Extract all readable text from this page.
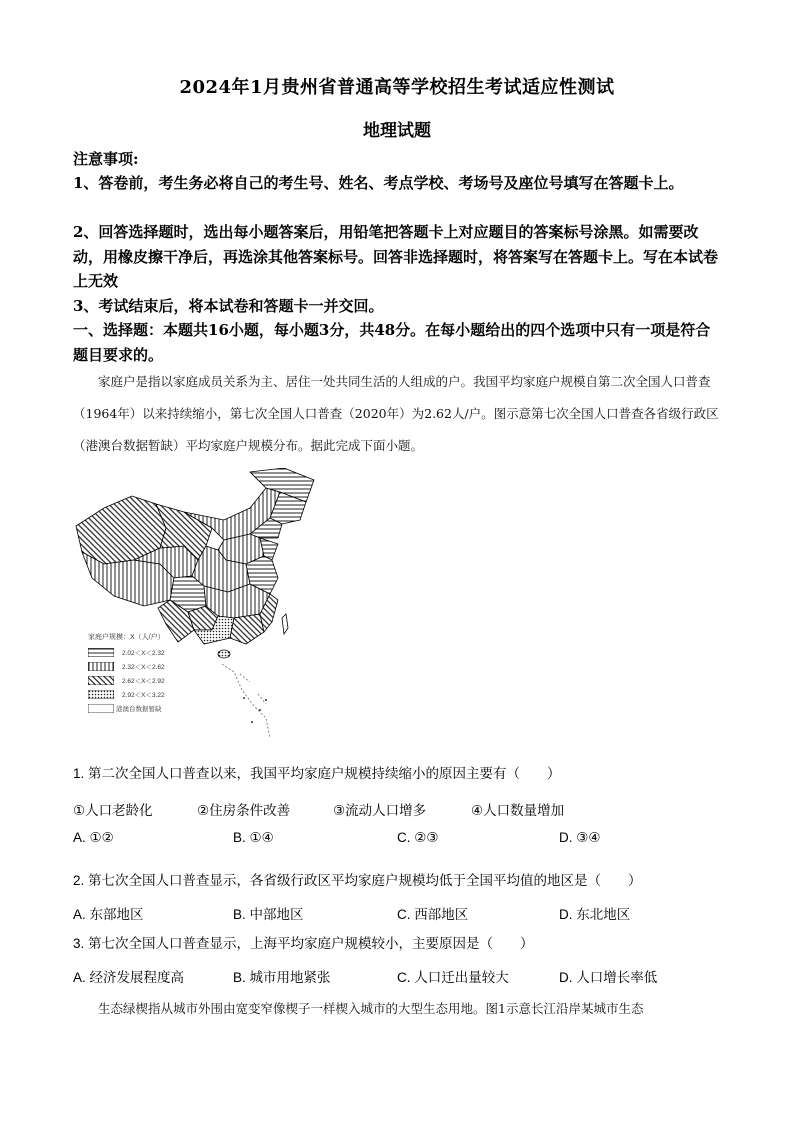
2024年1月贵州省普通高等学校招生考试适应性测试
地理试题
注意事项:
1、答卷前，考生务必将自己的考生号、姓名、考点学校、考场号及座位号填写在答题卡上。
2、回答选择题时，选出每小题答案后，用铅笔把答题卡上对应题目的答案标号涂黑。如需要改动，用橡皮擦干净后，再选涂其他答案标号。回答非选择题时，将答案写在答题卡上。写在本试卷上无效
3、考试结束后，将本试卷和答题卡一并交回。
一、选择题：本题共16小题，每小题3分，共48分。在每小题给出的四个选项中只有一项是符合题目要求的。
家庭户是指以家庭成员关系为主、居住一处共同生活的人组成的户。我国平均家庭户规模自第二次全国人口普查（1964年）以来持续缩小，第七次全国人口普查（2020年）为2.62人/户。图示意第七次全国人口普查各省级行政区（港澳台数据暂缺）平均家庭户规模分布。据此完成下面小题。
家庭户规模：X（人/户）
2.02＜X＜2.32
2.32＜X＜2.62
2.62＜X＜2.92
2.92＜X＜3.22
港澳台数据暂缺
1. 第二次全国人口普查以来，我国平均家庭户规模持续缩小的原因主要有（　　）
①人口老龄化	②住房条件改善	③流动人口增多	④人口数量增加
A. ①②	B. ①④	C. ②③	D. ③④
2. 第七次全国人口普查显示，各省级行政区平均家庭户规模均低于全国平均值的地区是（　　）
A. 东部地区	B. 中部地区	C. 西部地区	D. 东北地区
3. 第七次全国人口普查显示，上海平均家庭户规模较小，主要原因是（　　）
A. 经济发展程度高	B. 城市用地紧张	C. 人口迁出量较大	D. 人口增长率低
生态绿楔指从城市外围由宽变窄像楔子一样楔入城市的大型生态用地。图1示意长江沿岸某城市生态
